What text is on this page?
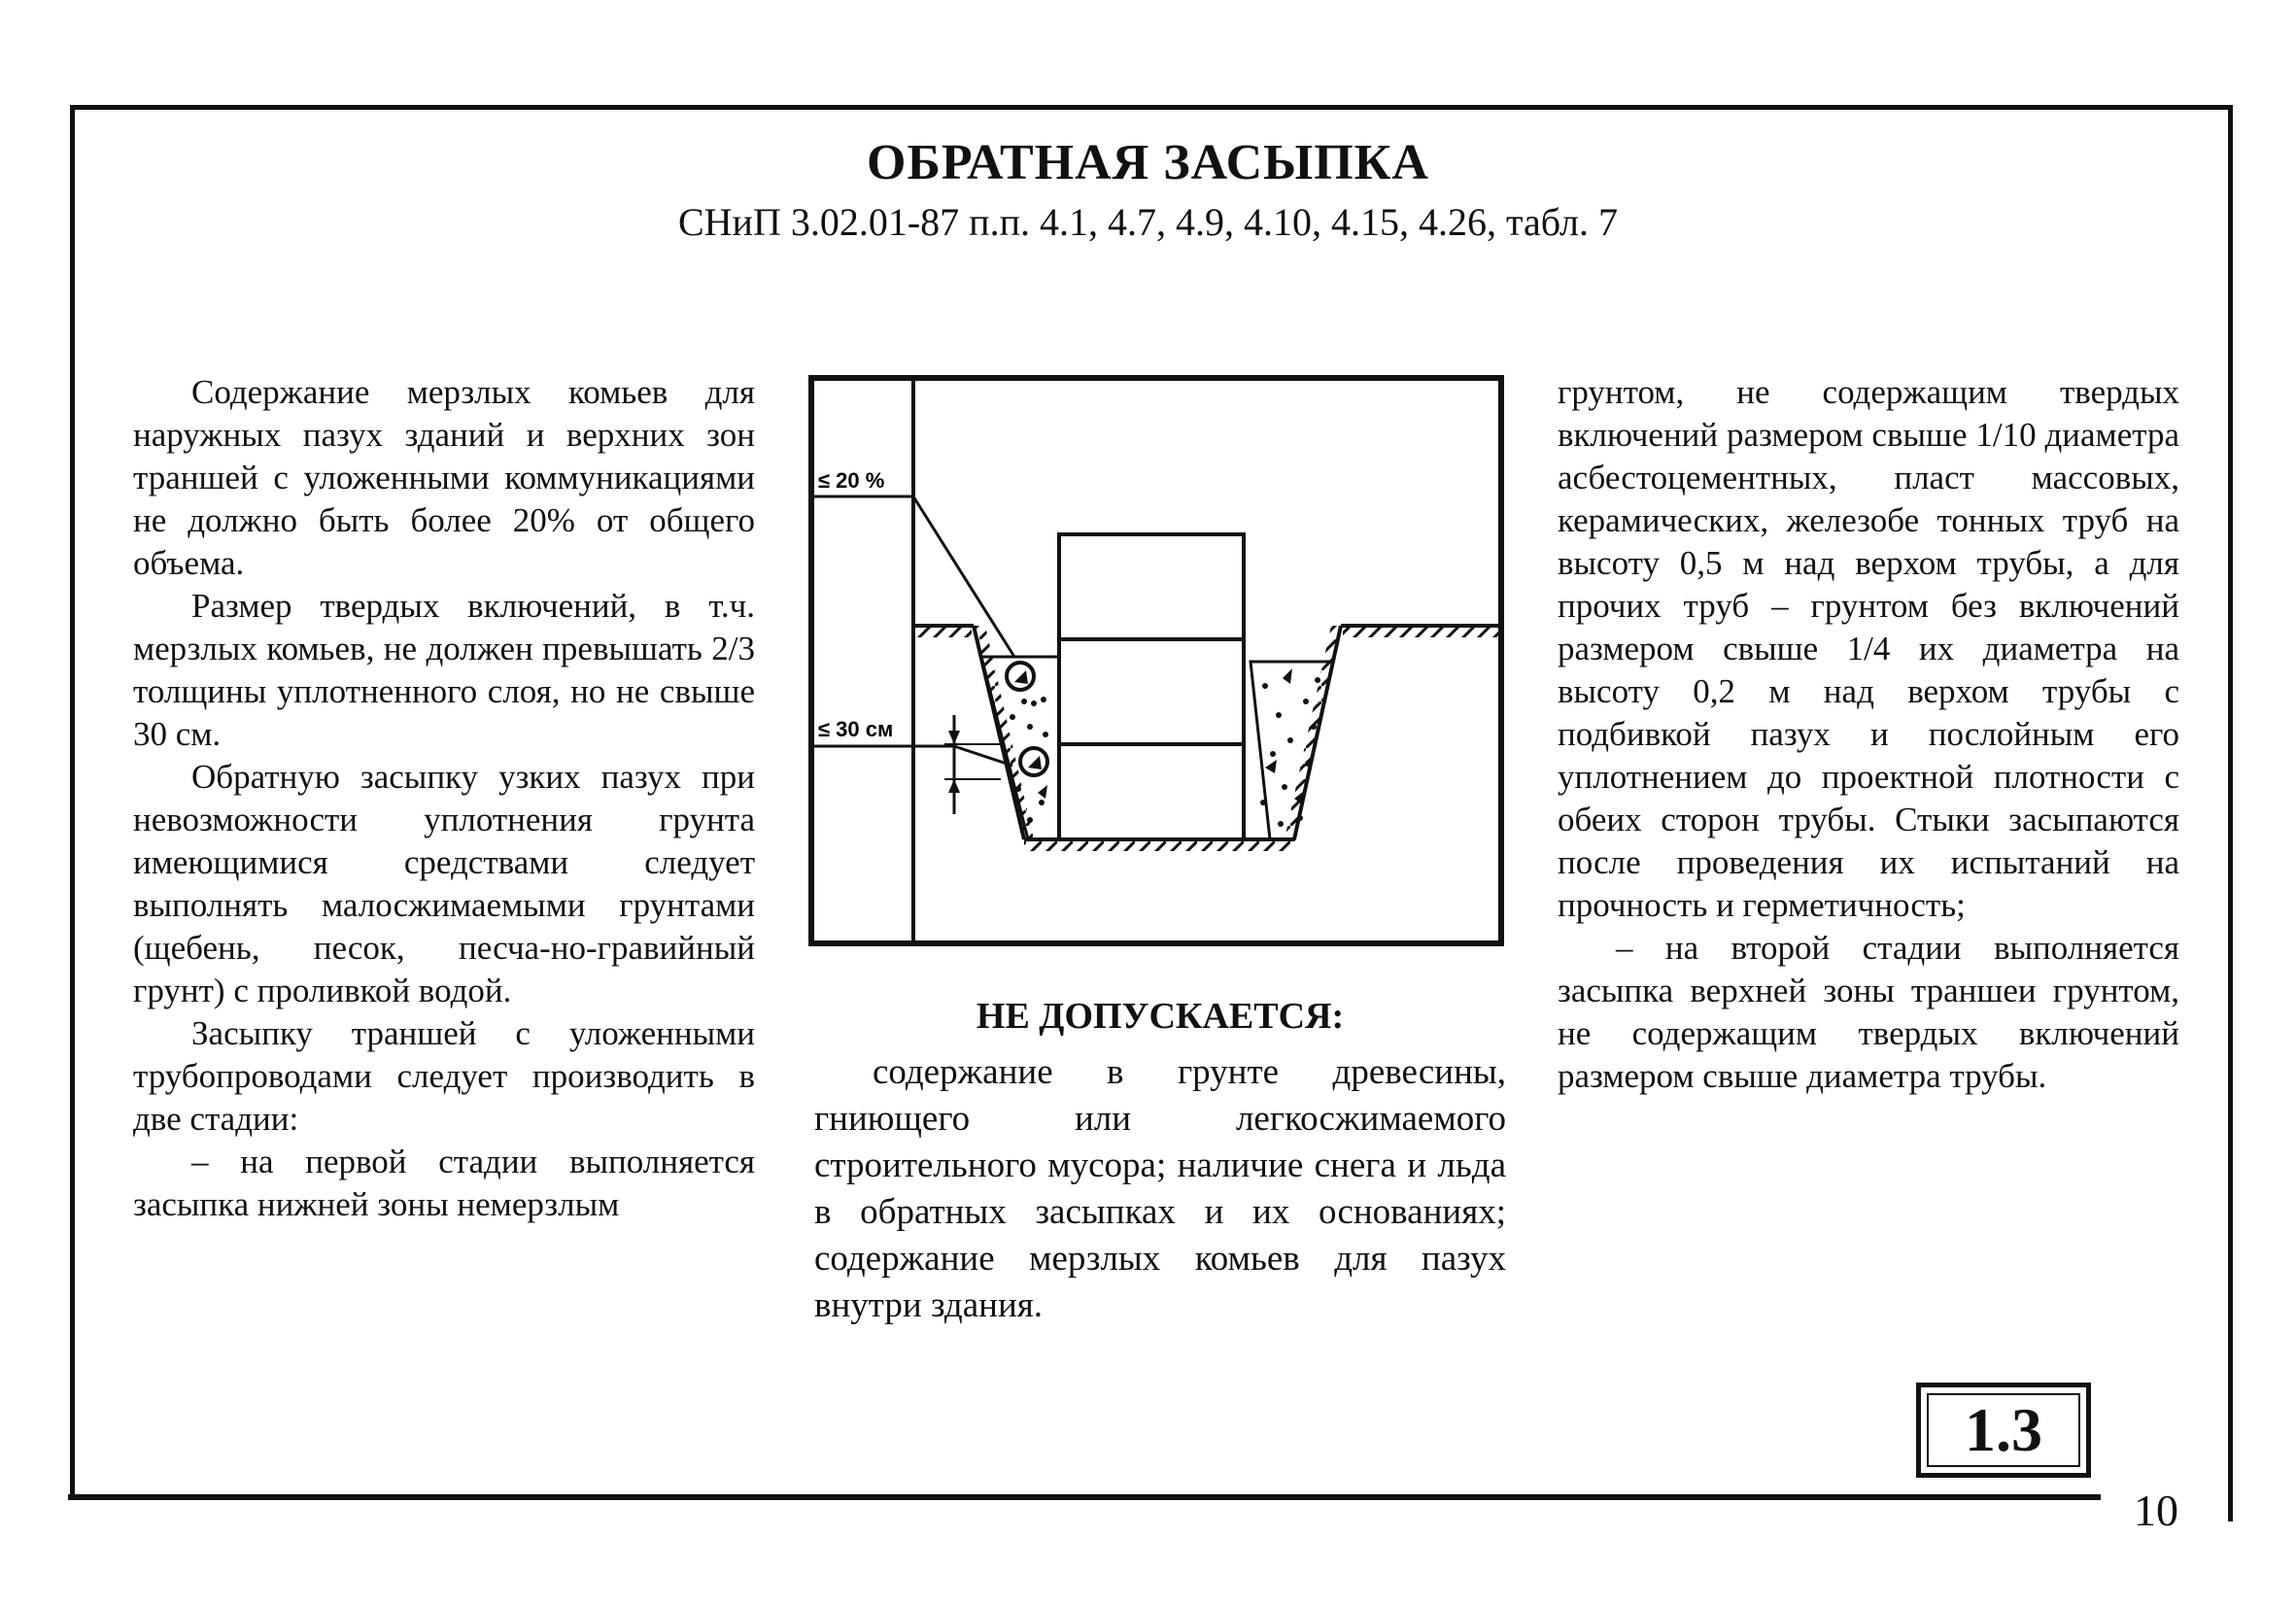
ОБРАТНАЯ ЗАСЫПКА
СНиП 3.02.01-87 п.п. 4.1, 4.7, 4.9, 4.10, 4.15, 4.26, табл. 7

Содержание мерзлых комьев для наружных пазух зданий и верхних зон траншей с уложенными коммуникациями не должно быть более 20% от общего объема.

Размер твердых включений, в т.ч. мерзлых комьев, не должен превышать 2/3 толщины уплотненного слоя, но не свыше 30 см.

Обратную засыпку узких пазух при невозможности уплотнения грунта имеющимися средствами следует выполнять малосжимаемыми грунтами (щебень, песок, песча-но-гравийный грунт) с проливкой водой.

Засыпку траншей с уложенными трубопроводами следует производить в две стадии:

– на первой стадии выполняется засыпка нижней зоны немерзлым

≤ 20 %
≤ 30 см
НЕ ДОПУСКАЕТСЯ:

содержание в грунте древесины, гниющего или легкосжимаемого строительного мусора; наличие снега и льда в обратных засыпках и их основаниях; содержание мерзлых комьев для пазух внутри здания.

грунтом, не содержащим твердых включений размером свыше 1/10 диаметра асбестоцементных, пласт массовых, керамических, железобе тонных труб на высоту 0,5 м над верхом трубы, а для прочих труб – грунтом без включений размером свыше 1/4 их диаметра на высоту 0,2 м над верхом трубы с подбивкой пазух и послойным его уплотнением до проектной плотности с обеих сторон трубы. Стыки засыпаются после проведения их испытаний на прочность и герметичность;

– на второй стадии выполняется засыпка верхней зоны траншеи грунтом, не содержащим твердых включений размером свыше диаметра трубы.

1.3
10
